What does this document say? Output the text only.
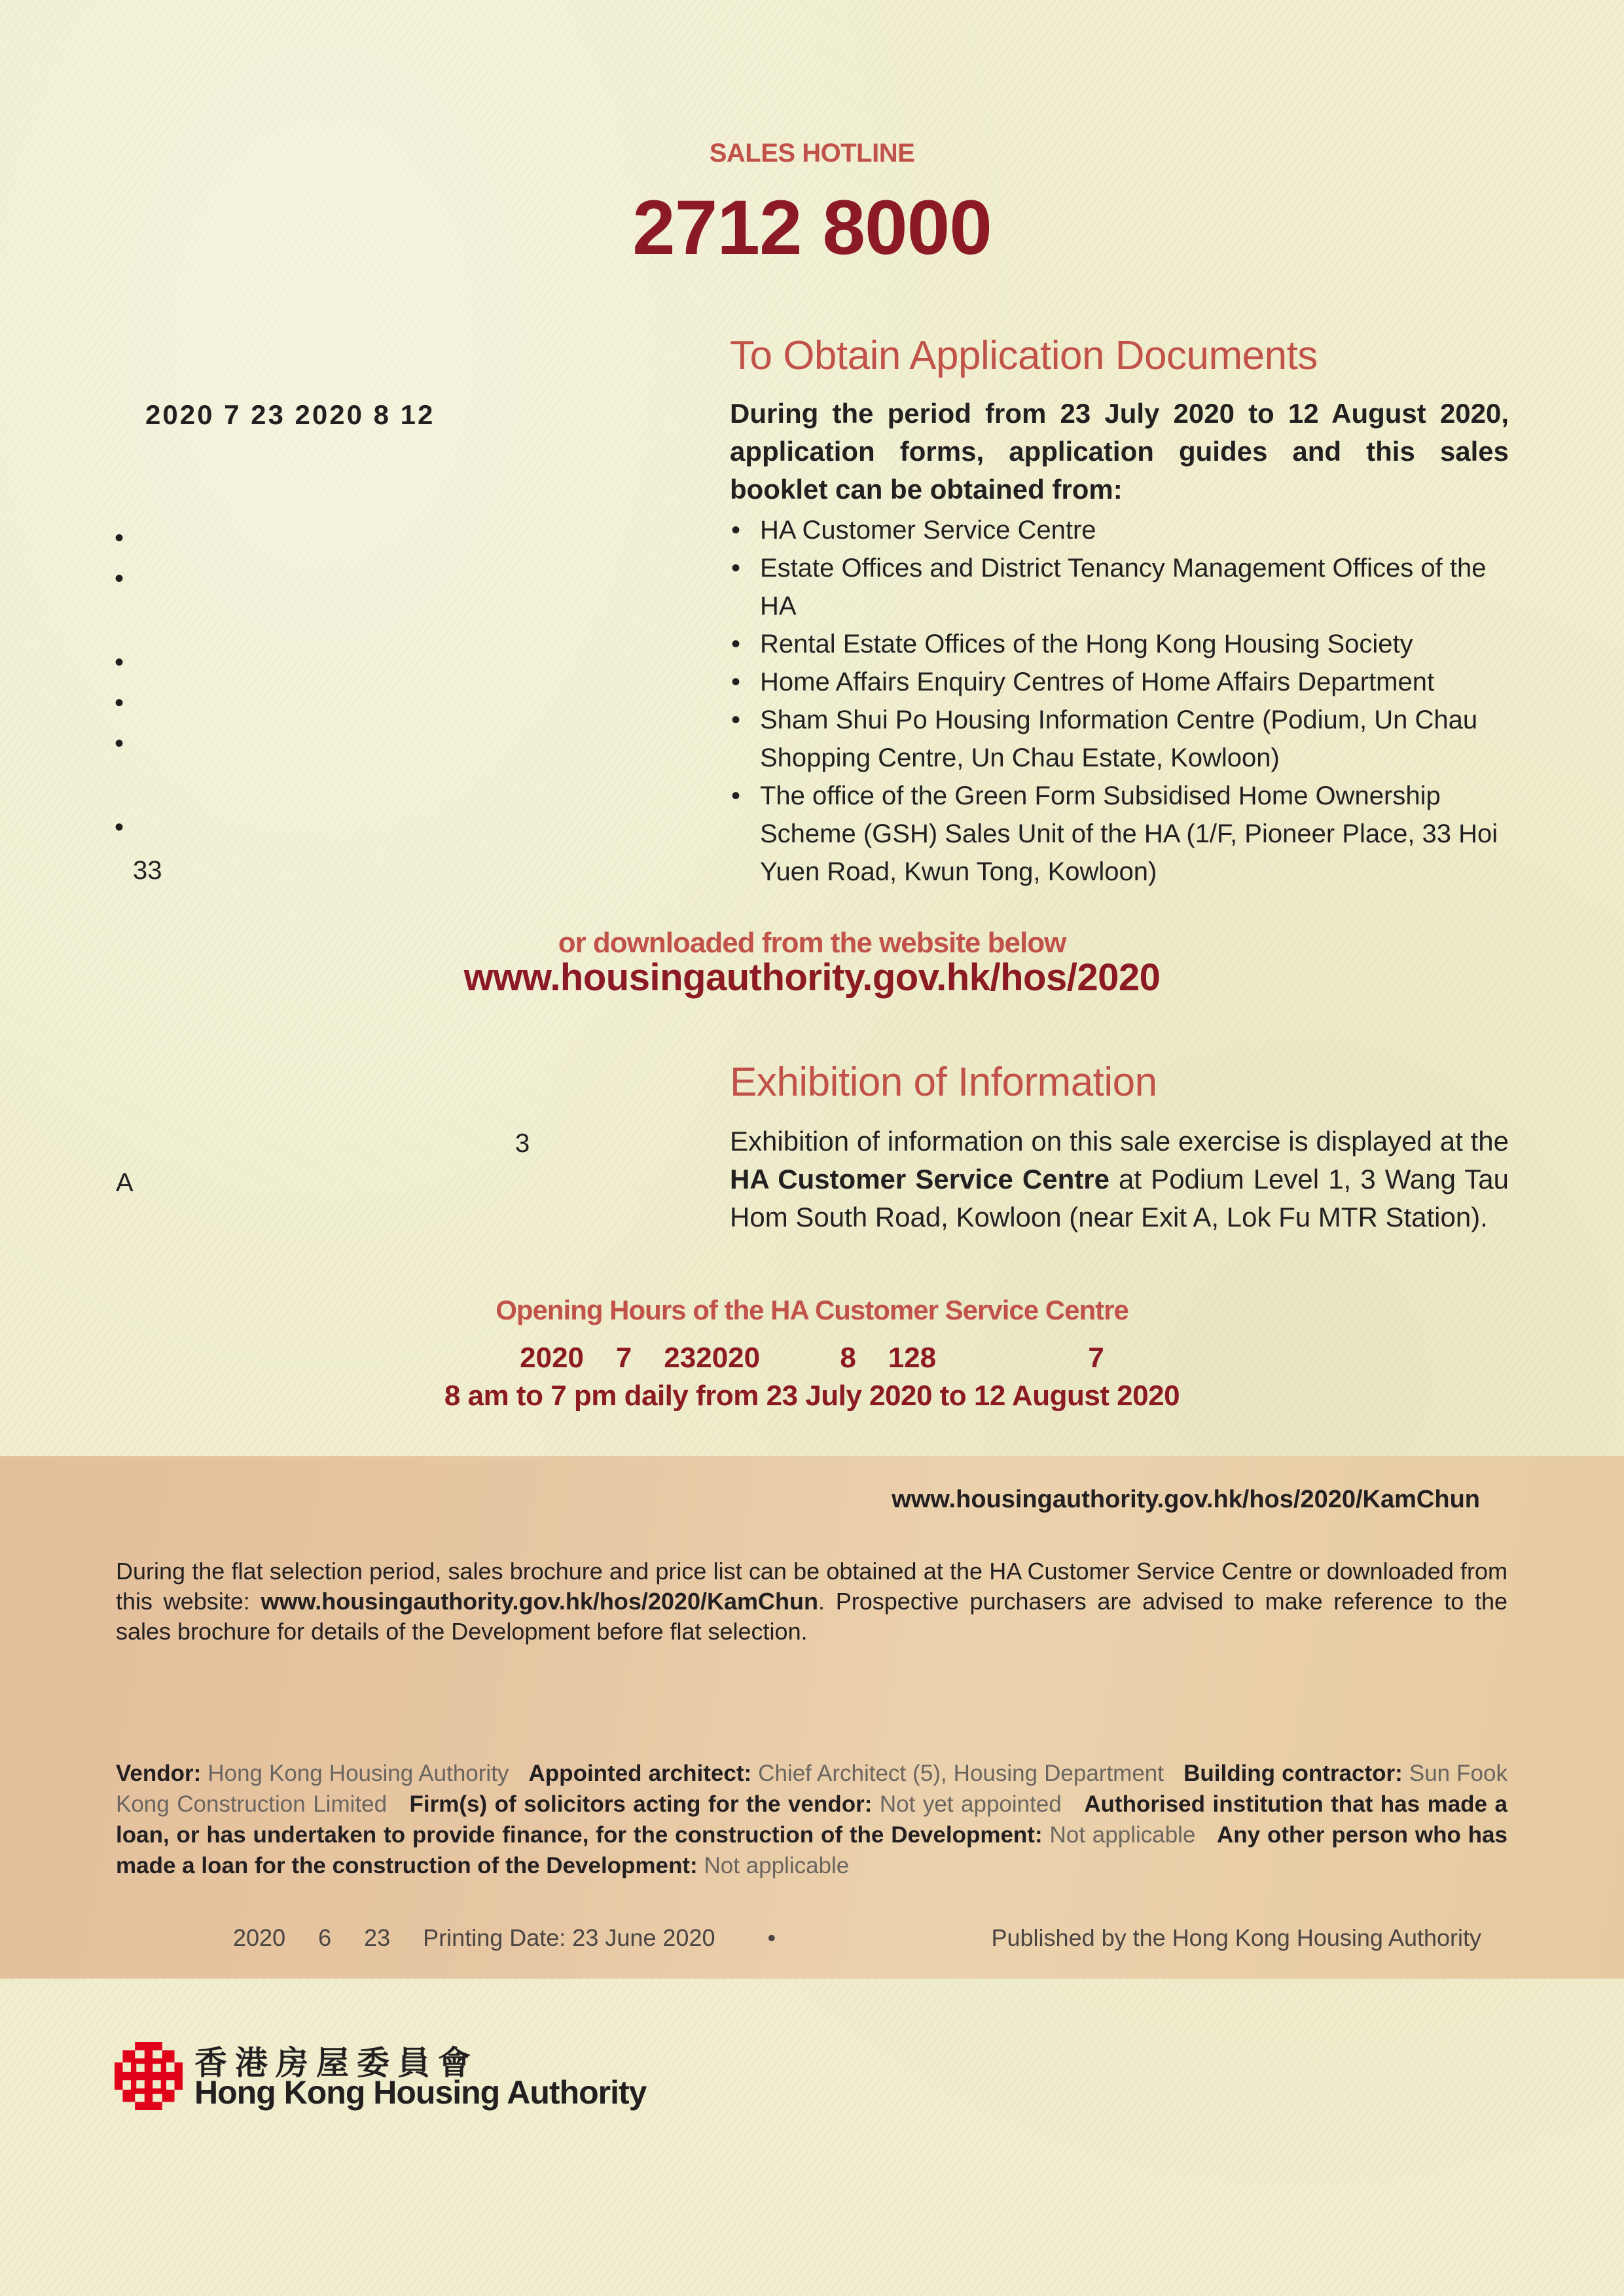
SALES HOTLINE
2712 8000
To Obtain Application Documents
2020 7 23 2020 8 12	During the period from 23 July 2020 to 12 August 2020, application forms, application guides and this sales booklet can be obtained from:
• HA Customer Service Centre
• Estate Offices and District Tenancy Management Offices of the HA
• Rental Estate Offices of the Hong Kong Housing Society
• Home Affairs Enquiry Centres of Home Affairs Department
• Sham Shui Po Housing Information Centre (Podium, Un Chau Shopping Centre, Un Chau Estate, Kowloon)
• The office of the Green Form Subsidised Home Ownership Scheme (GSH) Sales Unit of the HA (1/F, Pioneer Place, 33 Hoi Yuen Road, Kwun Tong, Kowloon)
•
•
•
•
•
•
33
or downloaded from the website below
www.housingauthority.gov.hk/hos/2020
Exhibition of Information
3
A
Exhibition of information on this sale exercise is displayed at the HA Customer Service Centre at Podium Level 1, 3 Wang Tau Hom South Road, Kowloon (near Exit A, Lok Fu MTR Station).
Opening Hours of the HA Customer Service Centre
2020    7    232020          8    128                   7
8 am to 7 pm daily from 23 July 2020 to 12 August 2020
www.housingauthority.gov.hk/hos/2020/KamChun
During the flat selection period, sales brochure and price list can be obtained at the HA Customer Service Centre or downloaded from this website: www.housingauthority.gov.hk/hos/2020/KamChun. Prospective purchasers are advised to make reference to the sales brochure for details of the Development before flat selection.
Vendor: Hong Kong Housing Authority Appointed architect: Chief Architect (5), Housing Department Building contractor: Sun Fook Kong Construction Limited Firm(s) of solicitors acting for the vendor: Not yet appointed Authorised institution that has made a loan, or has undertaken to provide finance, for the construction of the Development: Not applicable Any other person who has made a loan for the construction of the Development: Not applicable
2020     6     23     Printing Date: 23 June 2020        •	Published by the Hong Kong Housing Authority
香港房屋委員會
Hong Kong Housing Authority
